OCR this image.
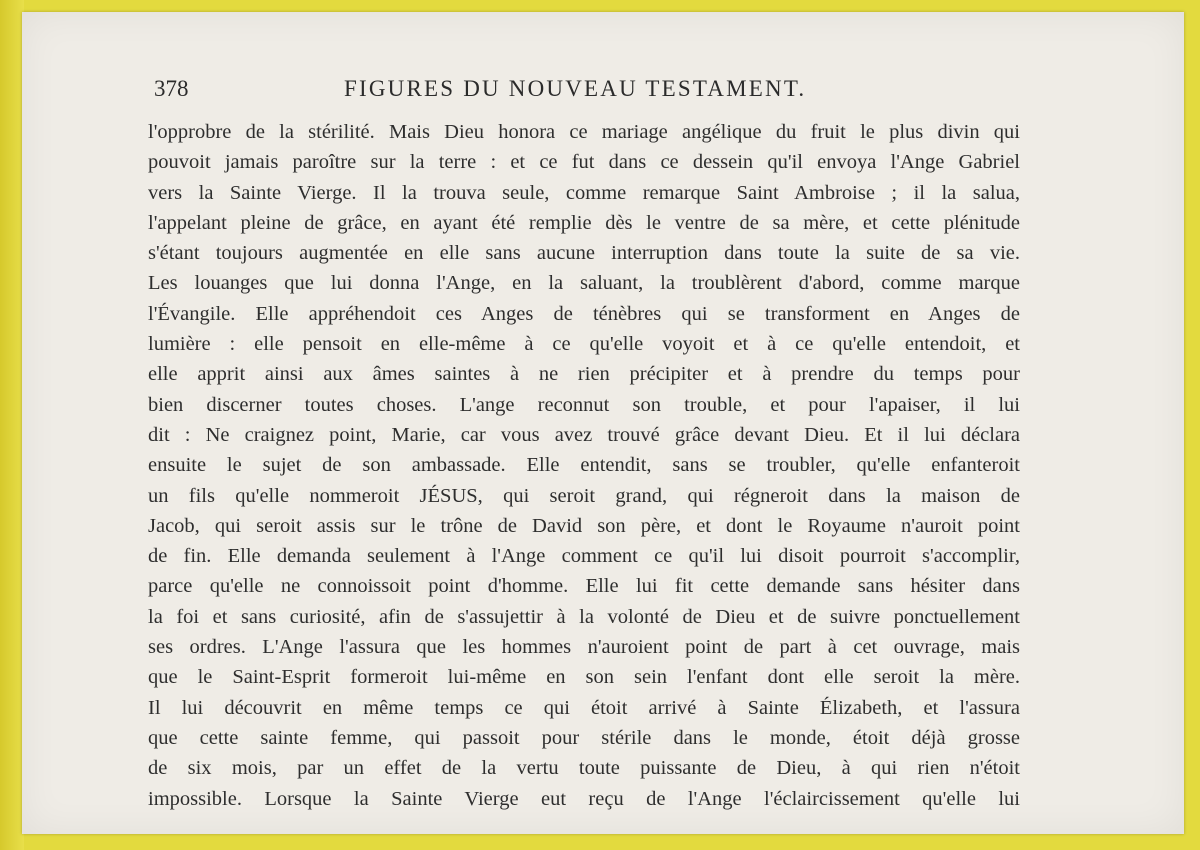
378	FIGURES DU NOUVEAU TESTAMENT.
l'opprobre de la stérilité. Mais Dieu honora ce mariage angélique du fruit le plus divin qui
pouvoit jamais paroître sur la terre : et ce fut dans ce dessein qu'il envoya l'Ange Gabriel
vers la Sainte Vierge. Il la trouva seule, comme remarque Saint Ambroise ; il la salua,
l'appelant pleine de grâce, en ayant été remplie dès le ventre de sa mère, et cette plénitude
s'étant toujours augmentée en elle sans aucune interruption dans toute la suite de sa vie.
Les louanges que lui donna l'Ange, en la saluant, la troublèrent d'abord, comme marque
l'Évangile. Elle appréhendoit ces Anges de ténèbres qui se transforment en Anges de
lumière : elle pensoit en elle-même à ce qu'elle voyoit et à ce qu'elle entendoit, et
elle apprit ainsi aux âmes saintes à ne rien précipiter et à prendre du temps pour
bien discerner toutes choses. L'ange reconnut son trouble, et pour l'apaiser, il lui
dit : Ne craignez point, Marie, car vous avez trouvé grâce devant Dieu. Et il lui déclara
ensuite le sujet de son ambassade. Elle entendit, sans se troubler, qu'elle enfanteroit
un fils qu'elle nommeroit JÉSUS, qui seroit grand, qui régneroit dans la maison de
Jacob, qui seroit assis sur le trône de David son père, et dont le Royaume n'auroit point
de fin. Elle demanda seulement à l'Ange comment ce qu'il lui disoit pourroit s'accomplir,
parce qu'elle ne connoissoit point d'homme. Elle lui fit cette demande sans hésiter dans
la foi et sans curiosité, afin de s'assujettir à la volonté de Dieu et de suivre ponctuellement
ses ordres. L'Ange l'assura que les hommes n'auroient point de part à cet ouvrage, mais
que le Saint-Esprit formeroit lui-même en son sein l'enfant dont elle seroit la mère.
Il lui découvrit en même temps ce qui étoit arrivé à Sainte Élizabeth, et l'assura
que cette sainte femme, qui passoit pour stérile dans le monde, étoit déjà grosse
de six mois, par un effet de la vertu toute puissante de Dieu, à qui rien n'étoit
impossible. Lorsque la Sainte Vierge eut reçu de l'Ange l'éclaircissement qu'elle lui
